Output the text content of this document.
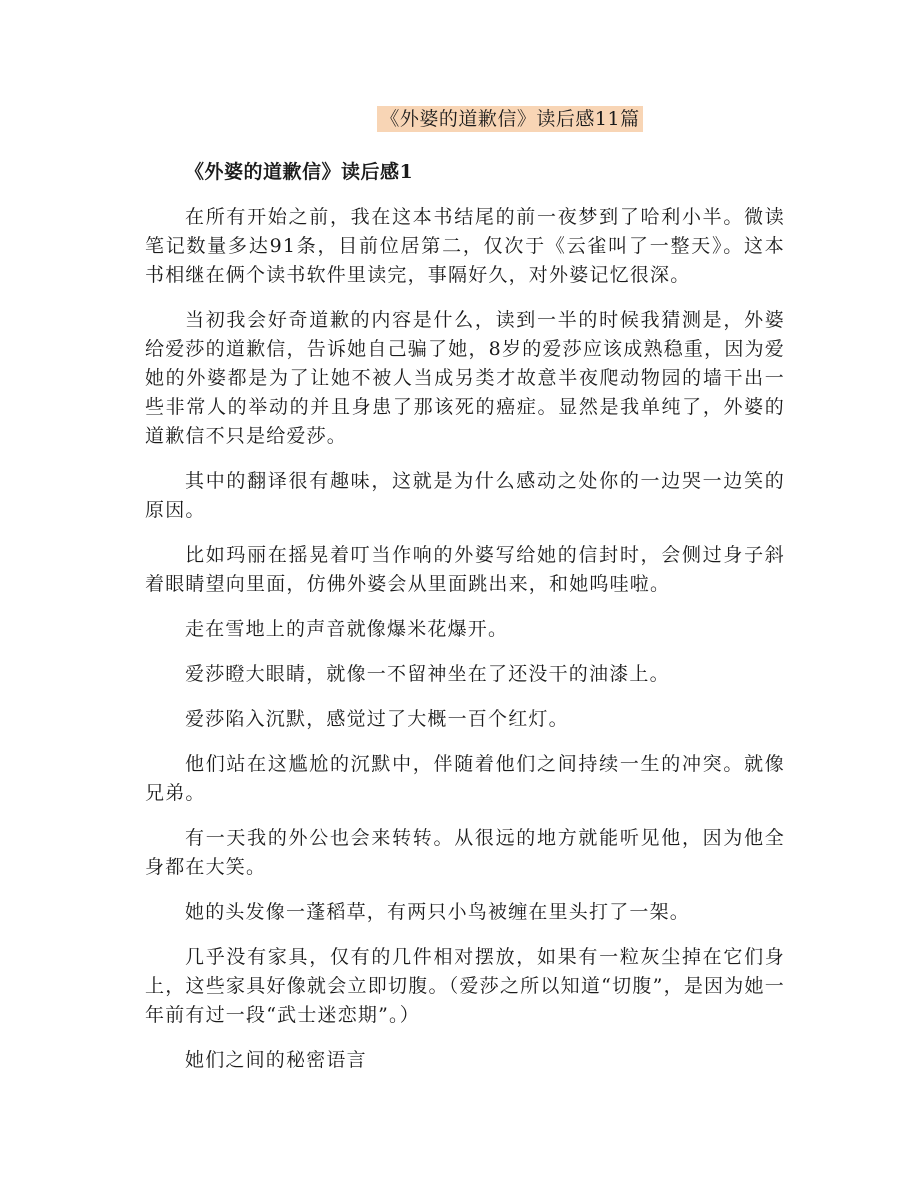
《外婆的道歉信》读后感11篇
《外婆的道歉信》读后感1

在所有开始之前，我在这本书结尾的前一夜梦到了哈利小半。微读笔记数量多达91条，目前位居第二，仅次于《云雀叫了一整天》。这本书相继在俩个读书软件里读完，事隔好久，对外婆记忆很深。

当初我会好奇道歉的内容是什么，读到一半的时候我猜测是，外婆给爱莎的道歉信，告诉她自己骗了她，8岁的爱莎应该成熟稳重，因为爱她的外婆都是为了让她不被人当成另类才故意半夜爬动物园的墙干出一些非常人的举动的并且身患了那该死的癌症。显然是我单纯了，外婆的道歉信不只是给爱莎。

其中的翻译很有趣味，这就是为什么感动之处你的一边哭一边笑的原因。

比如玛丽在摇晃着叮当作响的外婆写给她的信封时，会侧过身子斜着眼睛望向里面，仿佛外婆会从里面跳出来，和她呜哇啦。

走在雪地上的声音就像爆米花爆开。

爱莎瞪大眼睛，就像一不留神坐在了还没干的油漆上。

爱莎陷入沉默，感觉过了大概一百个红灯。

他们站在这尴尬的沉默中，伴随着他们之间持续一生的冲突。就像兄弟。

有一天我的外公也会来转转。从很远的地方就能听见他，因为他全身都在大笑。

她的头发像一蓬稻草，有两只小鸟被缠在里头打了一架。

几乎没有家具，仅有的几件相对摆放，如果有一粒灰尘掉在它们身上，这些家具好像就会立即切腹。（爱莎之所以知道“切腹”，是因为她一年前有过一段“武士迷恋期”。）

她们之间的秘密语言
